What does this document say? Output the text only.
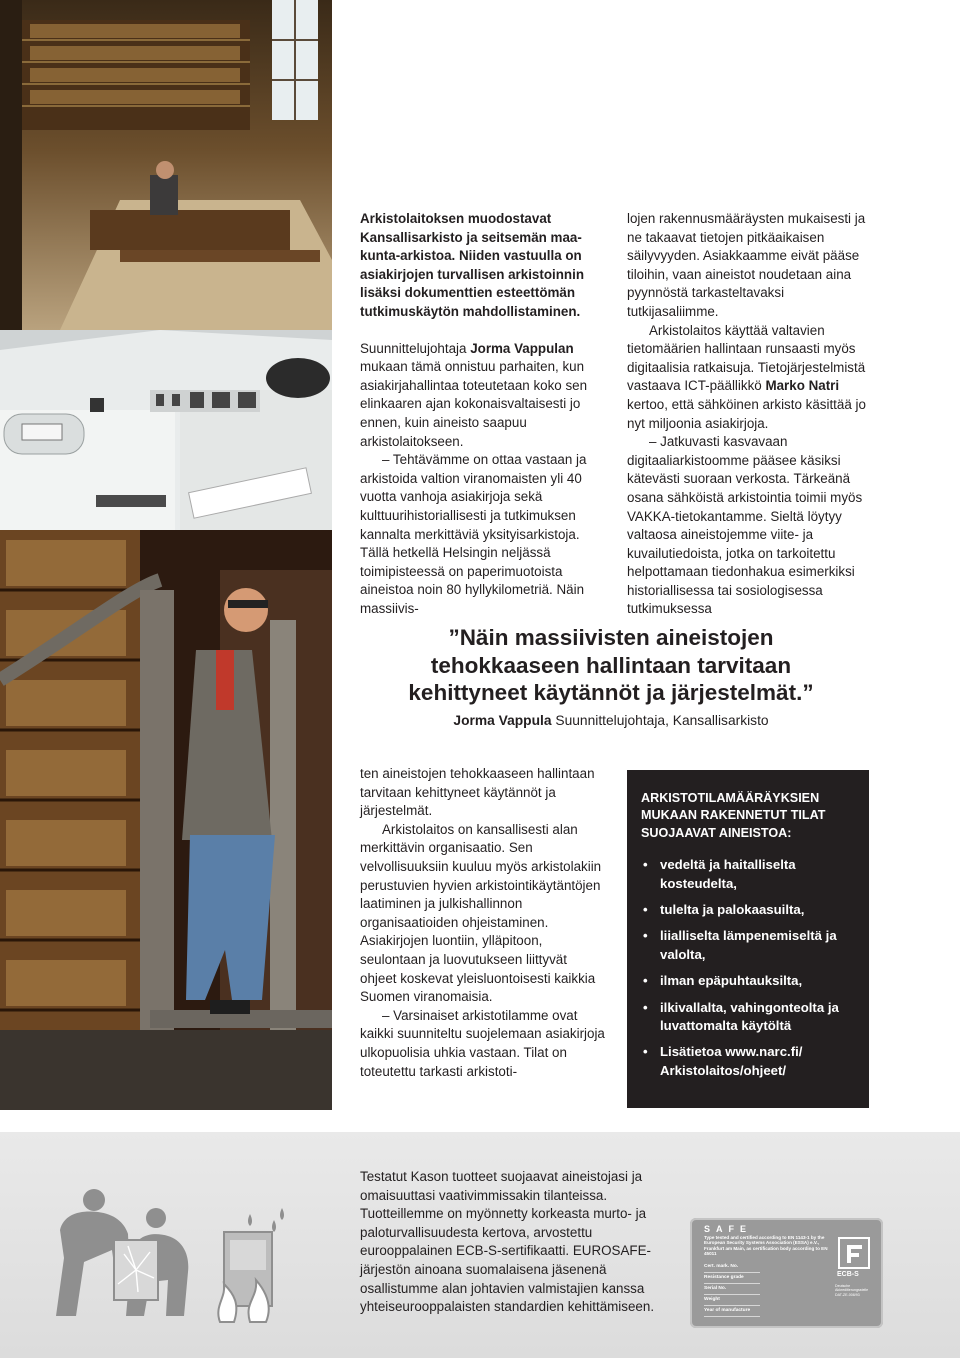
Arkistolaitoksen muodostavat
Kansallisarkisto ja seitsemän maa-
kunta-arkistoa. Niiden vastuulla on
asiakirjojen turvallisen arkistoinnin
lisäksi dokumenttien esteettömän
tutkimuskäytön mahdollistaminen.

Suunnittelujohtaja Jorma Vappulan mukaan tämä onnistuu parhaiten, kun asiakirjahallintaa toteutetaan koko sen elinkaaren ajan kokonaisvaltaisesti jo ennen, kuin aineisto saapuu arkistolaitokseen.

– Tehtävämme on ottaa vastaan ja arkistoida valtion viranomaisten yli 40 vuotta vanhoja asiakirjoja sekä kulttuurihistoriallisesti ja tutkimuksen kannalta merkittäviä yksityisarkistoja. Tällä hetkellä Helsingin neljässä toimipisteessä on paperimuotoista aineistoa noin 80 hyllykilometriä. Näin massiivis-

lojen rakennusmääräysten mukaisesti ja ne takaavat tietojen pitkäaikaisen säilyvyyden. Asiakkaamme eivät pääse tiloihin, vaan aineistot noudetaan aina pyynnöstä tarkasteltavaksi tutkijasaliimme.

Arkistolaitos käyttää valtavien tietomäärien hallintaan runsaasti myös digitaalisia ratkaisuja. Tietojärjestelmistä vastaava ICT-päällikkö Marko Natri kertoo, että sähköinen arkisto käsittää jo nyt miljoonia asiakirjoja.

– Jatkuvasti kasvavaan digitaaliarkistoomme pääsee käsiksi kätevästi suoraan verkosta. Tärkeänä osana sähköistä arkistointia toimii myös VAKKA-tietokantamme. Sieltä löytyy valtaosa aineistojemme viite- ja kuvailutiedoista, jotka on tarkoitettu helpottamaan tiedonhakua esimerkiksi historiallisessa tai sosiologisessa tutkimuksessa

”Näin massiivisten aineistojen
tehokkaaseen hallintaan tarvitaan
kehittyneet käytännöt ja järjestelmät.”

Jorma Vappula Suunnittelujohtaja, Kansallisarkisto

ten aineistojen tehokkaaseen hallintaan tarvitaan kehittyneet käytännöt ja järjestelmät.

Arkistolaitos on kansallisesti alan merkittävin organisaatio. Sen velvollisuuksiin kuuluu myös arkistolakiin perustuvien hyvien arkistointikäytäntöjen laatiminen ja julkishallinnon organisaatioiden ohjeistaminen. Asiakirjojen luontiin, ylläpitoon, seulontaan ja luovutukseen liittyvät ohjeet koskevat yleisluontoisesti kaikkia Suomen viranomaisia.

– Varsinaiset arkistotilamme ovat kaikki suunniteltu suojelemaan asiakirjoja ulkopuolisia uhkia vastaan. Tilat on toteutettu tarkasti arkistoti-

ARKISTOTILAMÄÄRÄYKSIEN MUKAAN RAKENNETUT TILAT SUOJAAVAT AINEISTOA:

• vedeltä ja haitalliselta kosteudelta,
• tulelta ja palokaasuilta,
• liialliselta lämpenemiseltä ja valolta,
• ilman epäpuhtauksilta,
• ilkivallalta, vahingonteolta ja luvattomalta käytöltä
• Lisätietoa www.narc.fi/ Arkistolaitos/ohjeet/

Testatut Kason tuotteet suojaavat aineistojasi ja omaisuuttasi vaativimmissakin tilanteissa. Tuotteillemme on myönnetty korkeasta murto- ja paloturvallisuudesta kertova, arvostettu eurooppalainen ECB-S-sertifikaatti. EUROSAFE-järjestön ainoana suomalaisena jäsenenä osallistumme alan johtavien valmistajien kanssa yhteiseurooppalaisten standardien kehittämiseen.

SAFE
Type tested and certified according to EN 1143-1 by the European Security Systems Association (ESSA) e.V., Frankfurt am Main, as certification body according to EN 45011
Cert. mark. No.
Resistance grade
Serial No.
Weight
Year of manufacture
ECB-S
Deutsche Akkreditierungsstelle DAT-ZE-008/93
